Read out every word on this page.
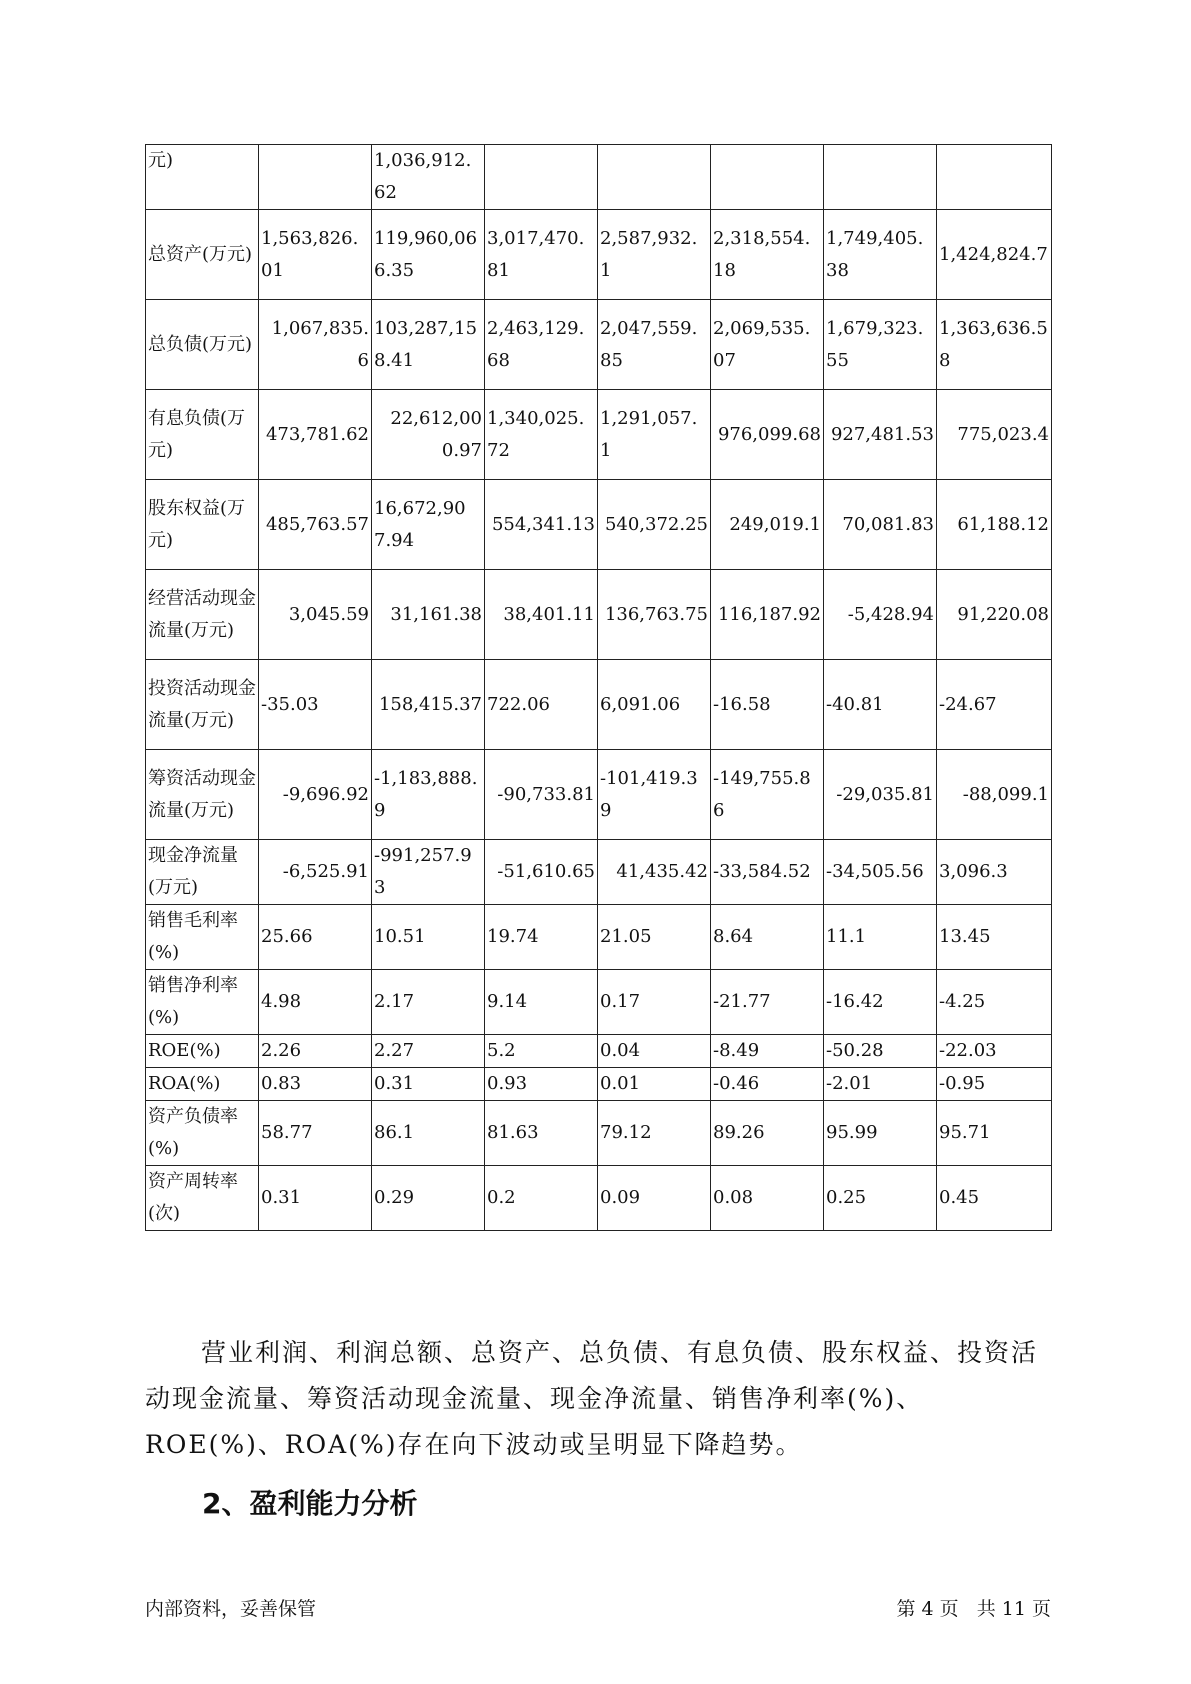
元)		1,036,912.62					
总资产(万元)	1,563,826.01	119,960,066.35	3,017,470.81	2,587,932.1	2,318,554.18	1,749,405.38	1,424,824.7
总负债(万元)	1,067,835.6	103,287,158.41	2,463,129.68	2,047,559.85	2,069,535.07	1,679,323.55	1,363,636.58
有息负债(万元)	473,781.62	22,612,000.97	1,340,025.72	1,291,057.1	976,099.68	927,481.53	775,023.4
股东权益(万元)	485,763.57	16,672,907.94	554,341.13	540,372.25	249,019.1	70,081.83	61,188.12
经营活动现金流量(万元)	3,045.59	31,161.38	38,401.11	136,763.75	116,187.92	-5,428.94	91,220.08
投资活动现金流量(万元)	-35.03	158,415.37	722.06	6,091.06	-16.58	-40.81	-24.67
筹资活动现金流量(万元)	-9,696.92	-1,183,888.9	-90,733.81	-101,419.39	-149,755.86	-29,035.81	-88,099.1
现金净流量(万元)	-6,525.91	-991,257.93	-51,610.65	41,435.42	-33,584.52	-34,505.56	3,096.3
销售毛利率(%)	25.66	10.51	19.74	21.05	8.64	11.1	13.45
销售净利率(%)	4.98	2.17	9.14	0.17	-21.77	-16.42	-4.25
ROE(%)	2.26	2.27	5.2	0.04	-8.49	-50.28	-22.03
ROA(%)	0.83	0.31	0.93	0.01	-0.46	-2.01	-0.95
资产负债率(%)	58.77	86.1	81.63	79.12	89.26	95.99	95.71
资产周转率(次)	0.31	0.29	0.2	0.09	0.08	0.25	0.45

营业利润、利润总额、总资产、总负债、有息负债、股东权益、投资活动现金流量、筹资活动现金流量、现金净流量、销售净利率(%)、ROE(%)、ROA(%)存在向下波动或呈明显下降趋势。

2、盈利能力分析
内部资料，妥善保管	第 4 页   共 11 页
